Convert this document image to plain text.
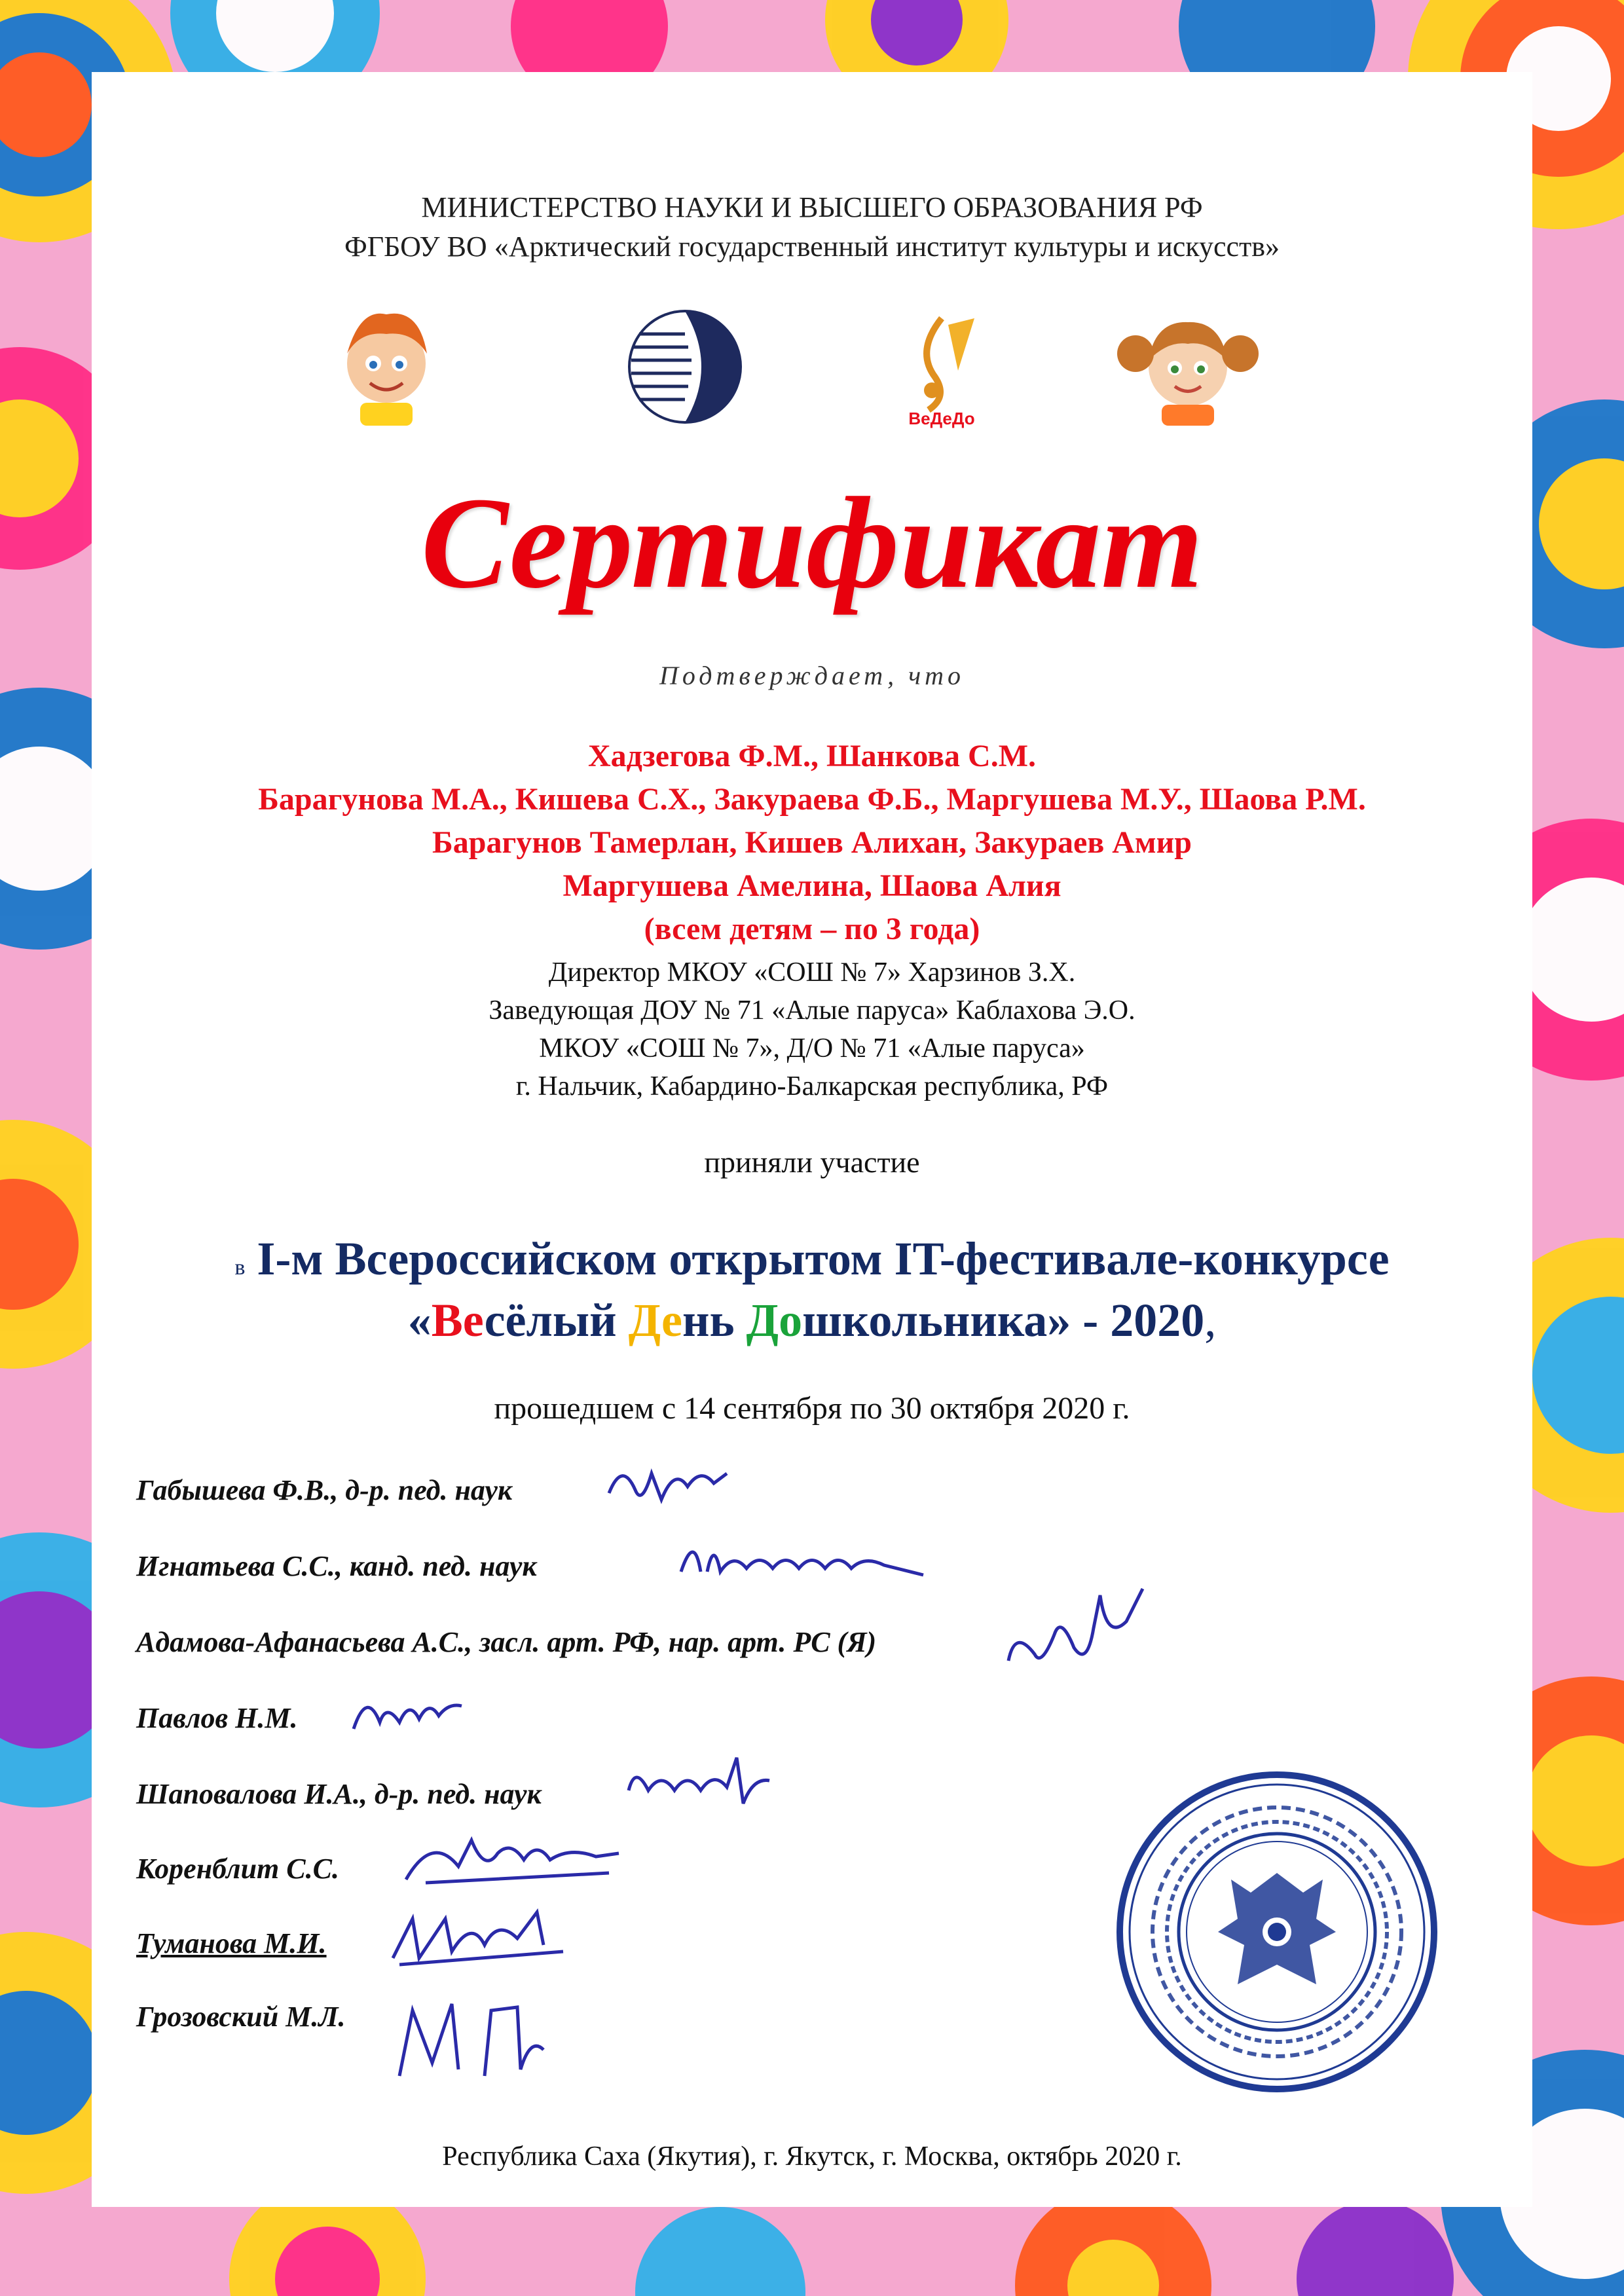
МИНИСТЕРСТВО НАУКИ И ВЫСШЕГО ОБРАЗОВАНИЯ РФ
ФГБОУ ВО «Арктический государственный институт культуры и искусств»
ВеДеДо
Сертификат
Подтверждает, что
Хадзегова Ф.М., Шанкова С.М.
Барагунова М.А., Кишева С.Х., Закураева Ф.Б., Маргушева М.У., Шаова Р.М.
Барагунов Тамерлан, Кишев Алихан, Закураев Амир
Маргушева Амелина, Шаова Алия
(всем детям – по 3 года)
Директор МКОУ «СОШ № 7» Харзинов З.Х.
Заведующая ДОУ № 71 «Алые паруса» Каблахова Э.О.
МКОУ «СОШ № 7», Д/О № 71 «Алые паруса»
г. Нальчик, Кабардино-Балкарская республика, РФ
приняли участие
в I-м Всероссийском открытом IT-фестивале-конкурсе
«Весёлый День Дошкольника» - 2020,
прошедшем с 14 сентября по 30 октября 2020 г.
Габышева Ф.В., д-р. пед. наук
Игнатьева С.С., канд. пед. наук
Адамова-Афанасьева А.С., засл. арт. РФ, нар. арт. РС (Я)
Павлов Н.М.
Шаповалова И.А., д-р. пед. наук
Коренблит С.С.
Туманова М.И.
Грозовский М.Л.
Республика Саха (Якутия), г. Якутск, г. Москва, октябрь 2020 г.
